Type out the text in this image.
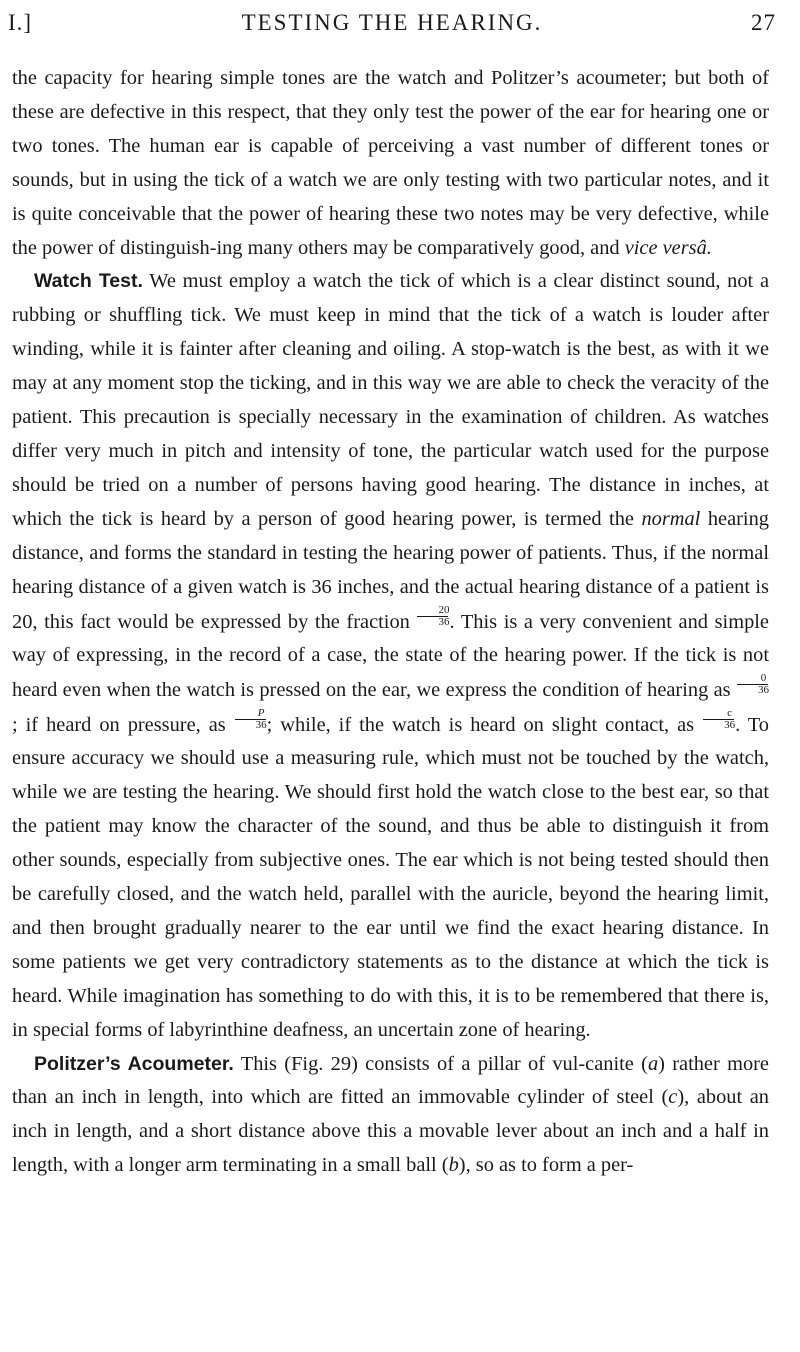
I.]	TESTING THE HEARING.	27

the capacity for hearing simple tones are the watch and Politzer’s acoumeter; but both of these are defective in this respect, that they only test the power of the ear for hearing one or two tones. The human ear is capable of perceiving a vast number of different tones or sounds, but in using the tick of a watch we are only testing with two particular notes, and it is quite conceivable that the power of hearing these two notes may be very defective, while the power of distinguish-ing many others may be comparatively good, and vice versâ.

Watch Test. We must employ a watch the tick of which is a clear distinct sound, not a rubbing or shuffling tick. We must keep in mind that the tick of a watch is louder after winding, while it is fainter after cleaning and oiling. A stop-watch is the best, as with it we may at any moment stop the ticking, and in this way we are able to check the veracity of the patient. This precaution is specially necessary in the examination of children. As watches differ very much in pitch and intensity of tone, the particular watch used for the purpose should be tried on a number of persons having good hearing. The distance in inches, at which the tick is heard by a person of good hearing power, is termed the normal hearing distance, and forms the standard in testing the hearing power of patients. Thus, if the normal hearing distance of a given watch is 36 inches, and the actual hearing distance of a patient is 20, this fact would be expressed by the fraction $\frac{20}{36}$ . This is a very convenient and simple way of expressing, in the record of a case, the state of the hearing power. If the tick is not heard even when the watch is pressed on the ear, we express the condition of hearing as $\frac{0}{36}$
; if heard on pressure, as $\frac{P}{36}$ ; while, if the watch is heard on slight contact, as $\frac{c}{36}$ . To ensure accuracy we should use a measuring rule, which must not be touched by the watch, while we are testing the hearing. We should first hold the watch close to the best ear, so that the patient may know the character of the sound, and thus be able to distinguish it from other sounds, especially from subjective ones. The ear which is not being tested should then be carefully closed, and the watch held, parallel with the auricle, beyond the hearing limit, and then brought gradually nearer to the ear until we find the exact hearing distance. In some patients we get very contradictory statements as to the distance at which the tick is heard. While imagination has something to do with this, it is to be remembered that there is, in special forms of labyrinthine deafness, an uncertain zone of hearing.

Politzer’s Acoumeter. This (Fig. 29) consists of a pillar of vul-canite (a) rather more than an inch in length, into which are fitted an immovable cylinder of steel (c), about an inch in length, and a short distance above this a movable lever about an inch and a half in length, with a longer arm terminating in a small ball (b), so as to form a per-
